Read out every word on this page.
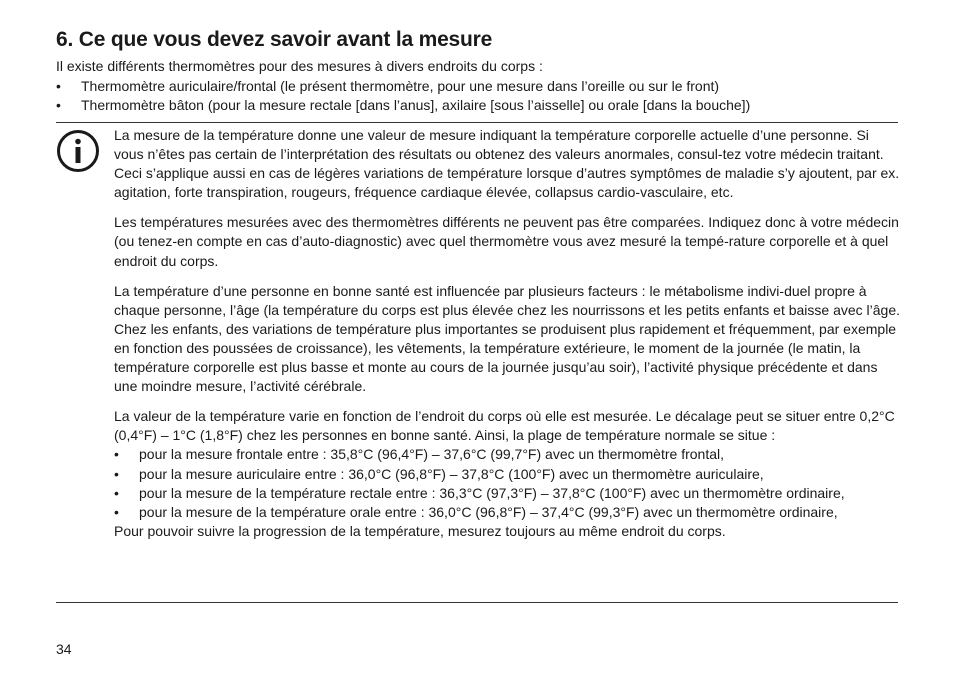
6. Ce que vous devez savoir avant la mesure

Il existe différents thermomètres pour des mesures à divers endroits du corps :

• Thermomètre auriculaire/frontal (le présent thermomètre, pour une mesure dans l’oreille ou sur le front)
• Thermomètre bâton (pour la mesure rectale [dans l’anus], axilaire [sous l’aisselle] ou orale [dans la bouche])

La mesure de la température donne une valeur de mesure indiquant la température corporelle actuelle d’une personne. Si vous n’êtes pas certain de l’interprétation des résultats ou obtenez des valeurs anormales, consul-tez votre médecin traitant. Ceci s’applique aussi en cas de légères variations de température lorsque d’autres symptômes de maladie s’y ajoutent, par ex. agitation, forte transpiration, rougeurs, fréquence cardiaque élevée, collapsus cardio-vasculaire, etc.

Les températures mesurées avec des thermomètres différents ne peuvent pas être comparées. Indiquez donc à votre médecin (ou tenez-en compte en cas d’auto-diagnostic) avec quel thermomètre vous avez mesuré la tempé-rature corporelle et à quel endroit du corps.

La température d’une personne en bonne santé est influencée par plusieurs facteurs : le métabolisme indivi-duel propre à chaque personne, l’âge (la température du corps est plus élevée chez les nourrissons et les petits enfants et baisse avec l’âge. Chez les enfants, des variations de température plus importantes se produisent plus rapidement et fréquemment, par exemple en fonction des poussées de croissance), les vêtements, la température extérieure, le moment de la journée (le matin, la température corporelle est plus basse et monte au cours de la journée jusqu’au soir), l’activité physique précédente et dans une moindre mesure, l’activité cérébrale.

La valeur de la température varie en fonction de l’endroit du corps où elle est mesurée. Le décalage peut se situer entre 0,2°C (0,4°F) – 1°C (1,8°F) chez les personnes en bonne santé. Ainsi, la plage de température normale se situe :

• pour la mesure frontale entre : 35,8°C (96,4°F) – 37,6°C (99,7°F) avec un thermomètre frontal,
• pour la mesure auriculaire entre : 36,0°C (96,8°F) – 37,8°C (100°F) avec un thermomètre auriculaire,
• pour la mesure de la température rectale entre : 36,3°C (97,3°F) – 37,8°C (100°F) avec un thermomètre ordinaire,
• pour la mesure de la température orale entre : 36,0°C (96,8°F) – 37,4°C (99,3°F) avec un thermomètre ordinaire,

Pour pouvoir suivre la progression de la température, mesurez toujours au même endroit du corps.

34
